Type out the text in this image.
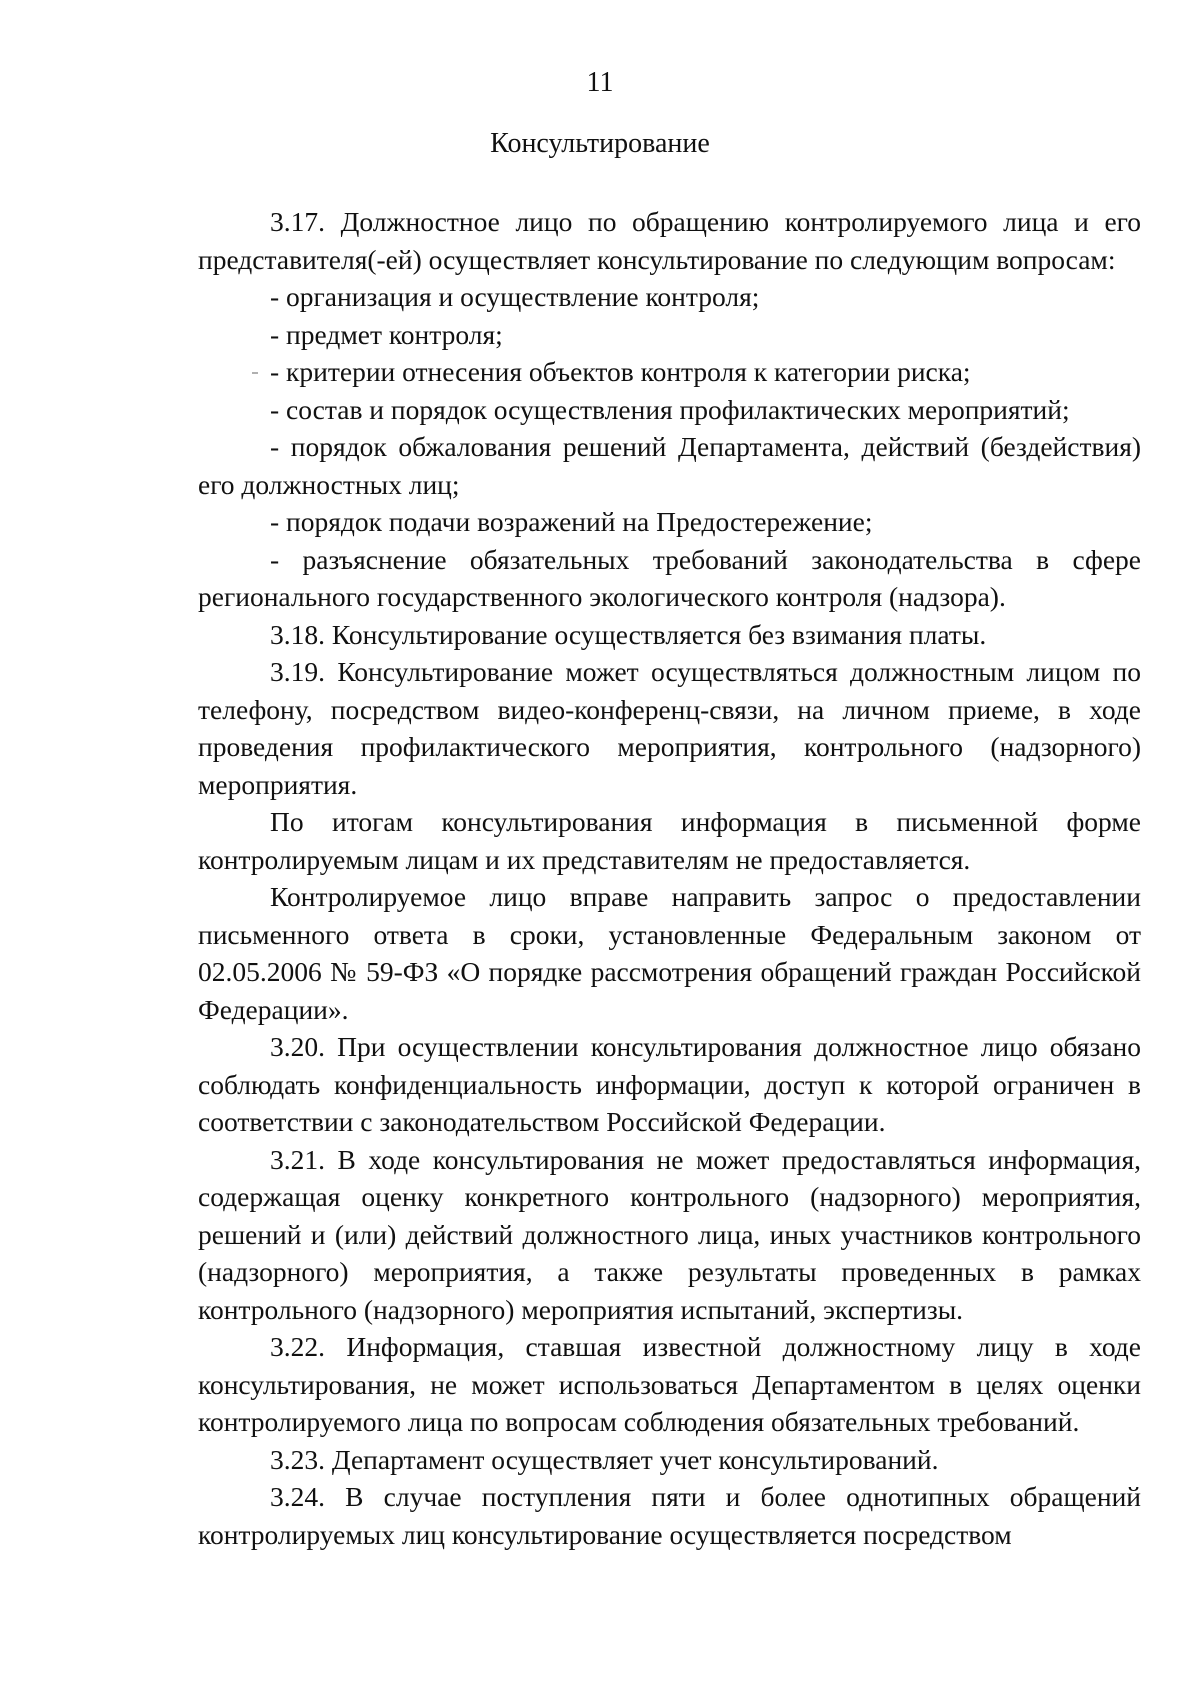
11
Консультирование

3.17. Должностное лицо по обращению контролируемого лица и его представителя(-ей) осуществляет консультирование по следующим вопросам:

- организация и осуществление контроля;

- предмет контроля;

- критерии отнесения объектов контроля к категории риска;

- состав и порядок осуществления профилактических мероприятий;

- порядок обжалования решений Департамента, действий (бездействия) его должностных лиц;

- порядок подачи возражений на Предостережение;

- разъяснение обязательных требований законодательства в сфере регионального государственного экологического контроля (надзора).

3.18. Консультирование осуществляется без взимания платы.

3.19. Консультирование может осуществляться должностным лицом по телефону, посредством видео-конференц-связи, на личном приеме, в ходе проведения профилактического мероприятия, контрольного (надзорного) мероприятия.

По итогам консультирования информация в письменной форме контролируемым лицам и их представителям не предоставляется.

Контролируемое лицо вправе направить запрос о предоставлении письменного ответа в сроки, установленные Федеральным законом от 02.05.2006 № 59-ФЗ «О порядке рассмотрения обращений граждан Российской Федерации».

3.20. При осуществлении консультирования должностное лицо обязано соблюдать конфиденциальность информации, доступ к которой ограничен в соответствии с законодательством Российской Федерации.

3.21. В ходе консультирования не может предоставляться информация, содержащая оценку конкретного контрольного (надзорного) мероприятия, решений и (или) действий должностного лица, иных участников контрольного (надзорного) мероприятия, а также результаты проведенных в рамках контрольного (надзорного) мероприятия испытаний, экспертизы.

3.22. Информация, ставшая известной должностному лицу в ходе консультирования, не может использоваться Департаментом в целях оценки контролируемого лица по вопросам соблюдения обязательных требований.

3.23. Департамент осуществляет учет консультирований.

3.24. В случае поступления пяти и более однотипных обращений контролируемых лиц консультирование осуществляется посредством
